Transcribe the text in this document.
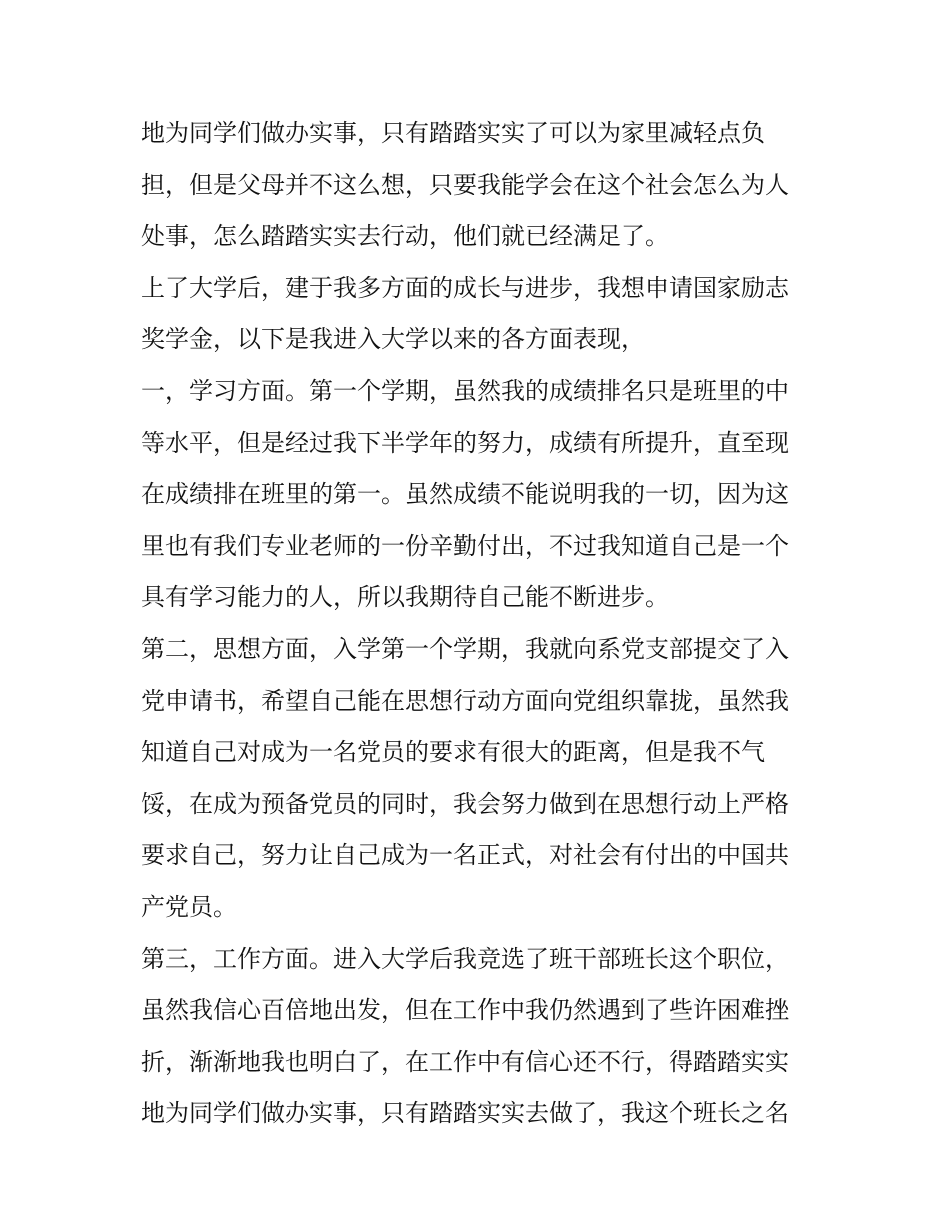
地为同学们做办实事，只有踏踏实实了可以为家里减轻点负
担，但是父母并不这么想，只要我能学会在这个社会怎么为人
处事，怎么踏踏实实去行动，他们就已经满足了。
上了大学后，建于我多方面的成长与进步，我想申请国家励志
奖学金，以下是我进入大学以来的各方面表现，
一，学习方面。第一个学期，虽然我的成绩排名只是班里的中
等水平，但是经过我下半学年的努力，成绩有所提升，直至现
在成绩排在班里的第一。虽然成绩不能说明我的一切，因为这
里也有我们专业老师的一份辛勤付出，不过我知道自己是一个
具有学习能力的人，所以我期待自己能不断进步。
第二，思想方面，入学第一个学期，我就向系党支部提交了入
党申请书，希望自己能在思想行动方面向党组织靠拢，虽然我
知道自己对成为一名党员的要求有很大的距离，但是我不气
馁，在成为预备党员的同时，我会努力做到在思想行动上严格
要求自己，努力让自己成为一名正式，对社会有付出的中国共
产党员。
第三，工作方面。进入大学后我竞选了班干部班长这个职位，
虽然我信心百倍地出发，但在工作中我仍然遇到了些许困难挫
折，渐渐地我也明白了，在工作中有信心还不行，得踏踏实实
地为同学们做办实事，只有踏踏实实去做了，我这个班长之名
